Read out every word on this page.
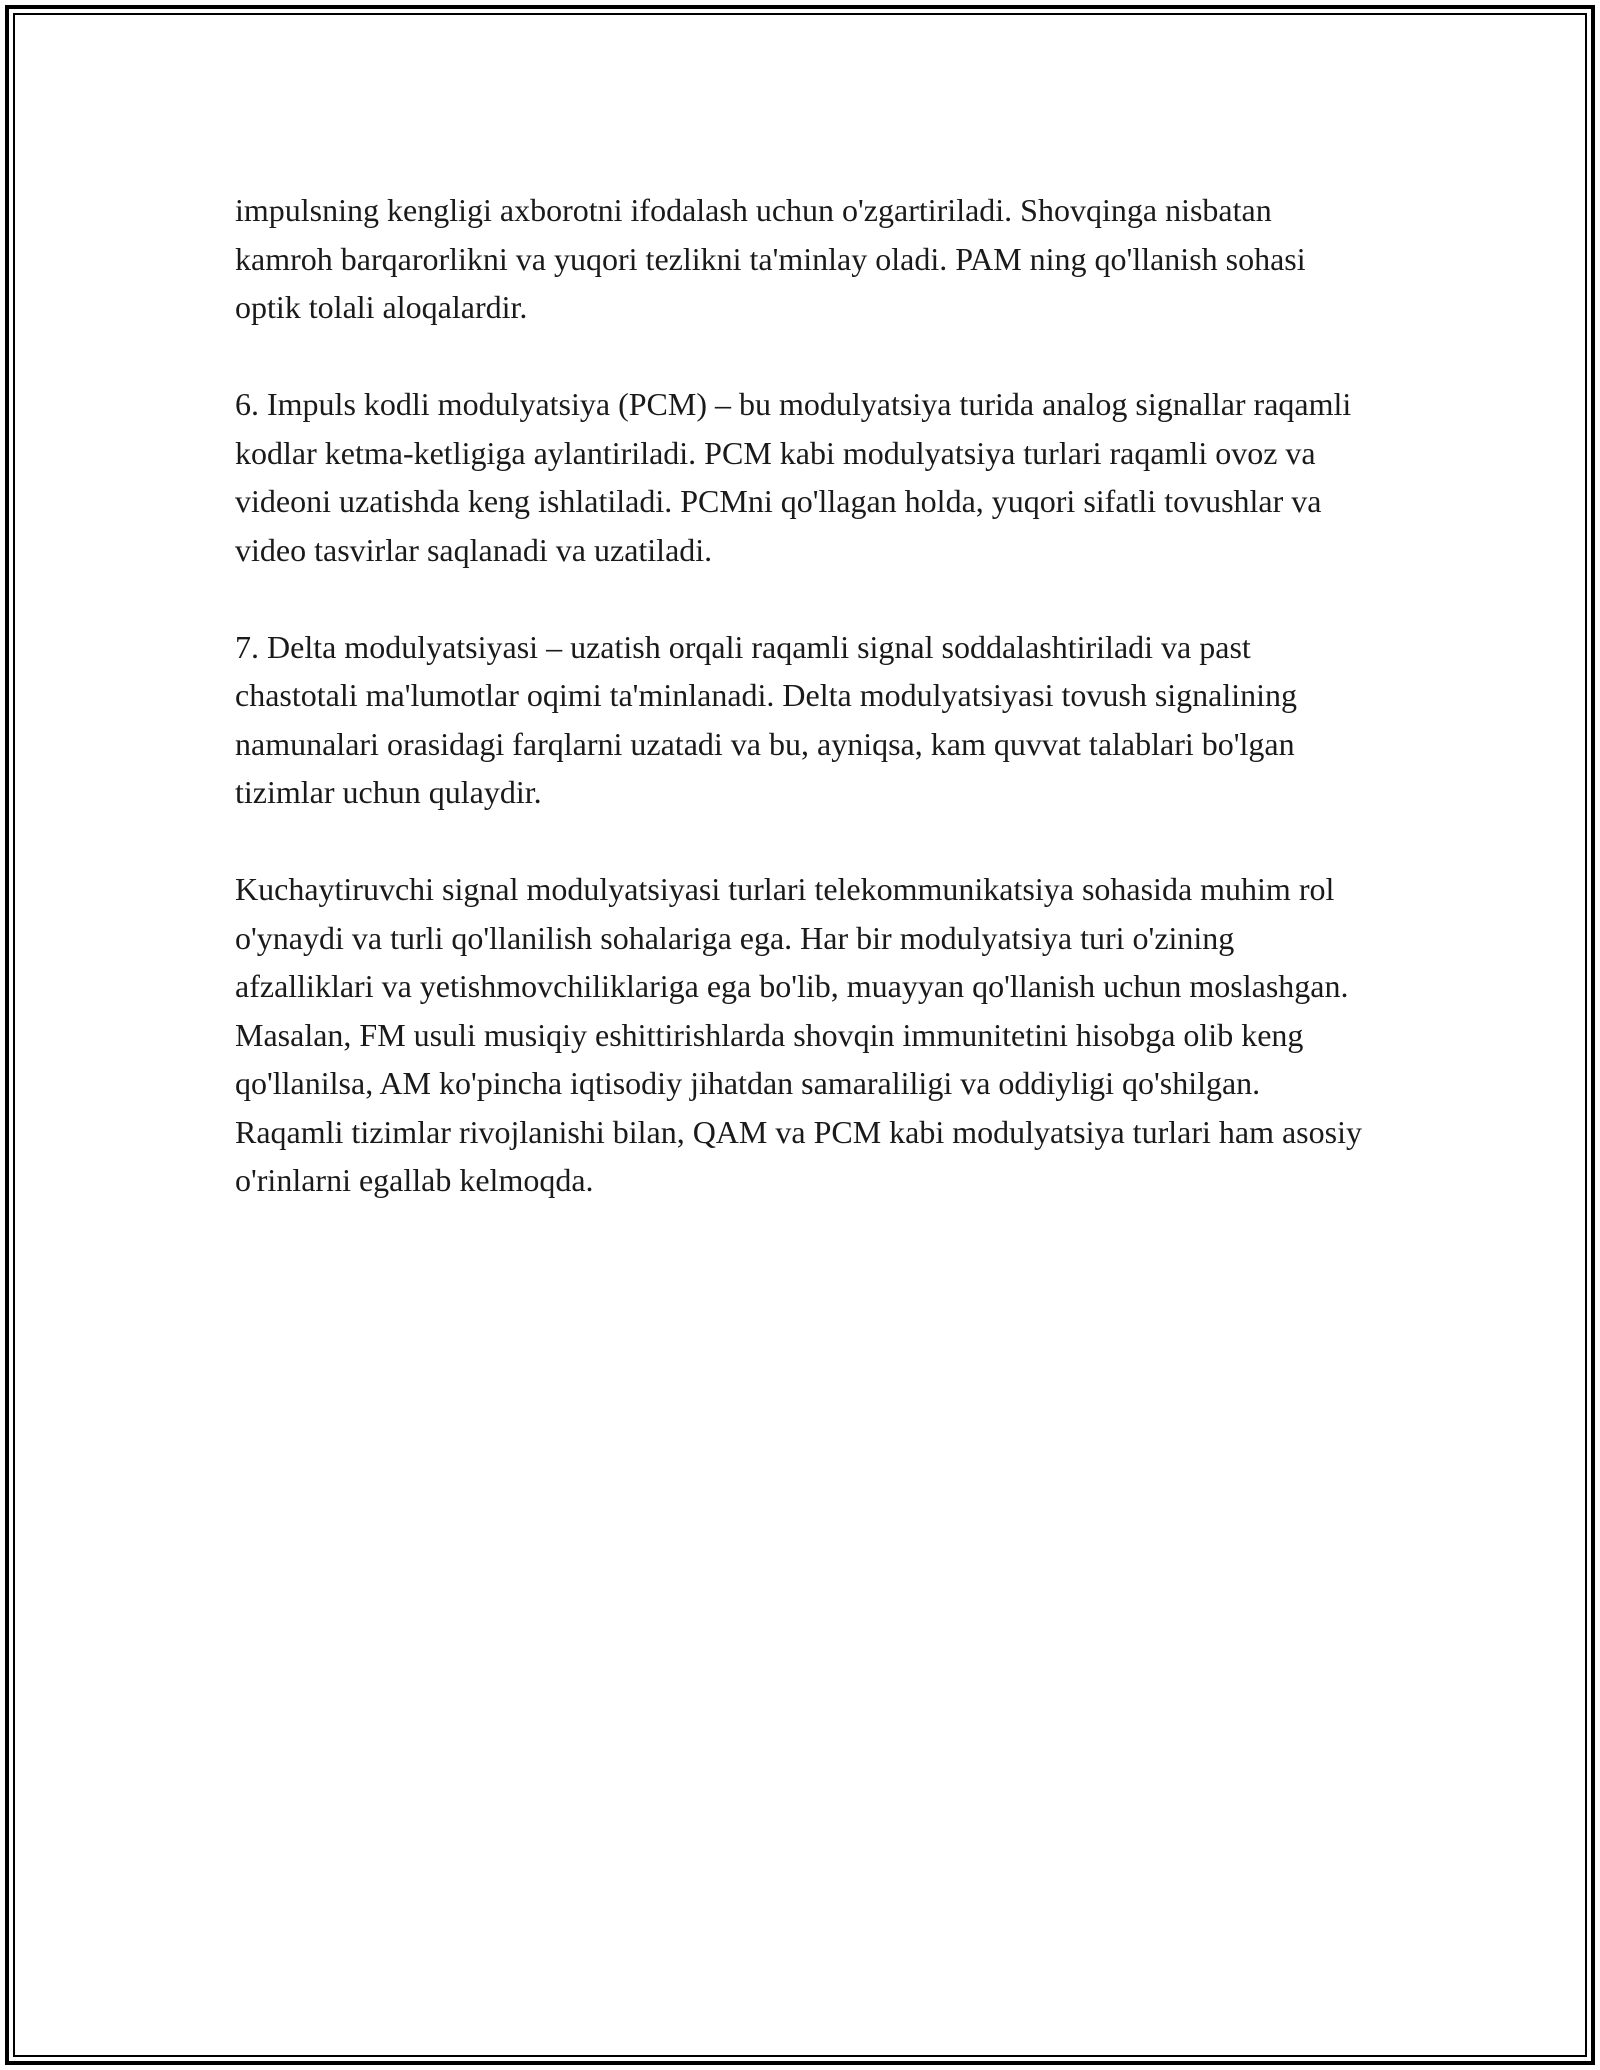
impulsning kengligi axborotni ifodalash uchun o'zgartiriladi. Shovqinga nisbatan kamroh barqarorlikni va yuqori tezlikni ta'minlay oladi. PAM ning qo'llanish sohasi optik tolali aloqalardir.

6. Impuls kodli modulyatsiya (PCM) – bu modulyatsiya turida analog signallar raqamli kodlar ketma-ketligiga aylantiriladi. PCM kabi modulyatsiya turlari raqamli ovoz va videoni uzatishda keng ishlatiladi. PCMni qo'llagan holda, yuqori sifatli tovushlar va video tasvirlar saqlanadi va uzatiladi.

7. Delta modulyatsiyasi – uzatish orqali raqamli signal soddalashtiriladi va past chastotali ma'lumotlar oqimi ta'minlanadi. Delta modulyatsiyasi tovush signalining namunalari orasidagi farqlarni uzatadi va bu, ayniqsa, kam quvvat talablari bo'lgan tizimlar uchun qulaydir.

Kuchaytiruvchi signal modulyatsiyasi turlari telekommunikatsiya sohasida muhim rol o'ynaydi va turli qo'llanilish sohalariga ega. Har bir modulyatsiya turi o'zining afzalliklari va yetishmovchiliklariga ega bo'lib, muayyan qo'llanish uchun moslashgan. Masalan, FM usuli musiqiy eshittirishlarda shovqin immunitetini hisobga olib keng qo'llanilsa, AM ko'pincha iqtisodiy jihatdan samaraliligi va oddiyligi qo'shilgan. Raqamli tizimlar rivojlanishi bilan, QAM va PCM kabi modulyatsiya turlari ham asosiy o'rinlarni egallab kelmoqda.
